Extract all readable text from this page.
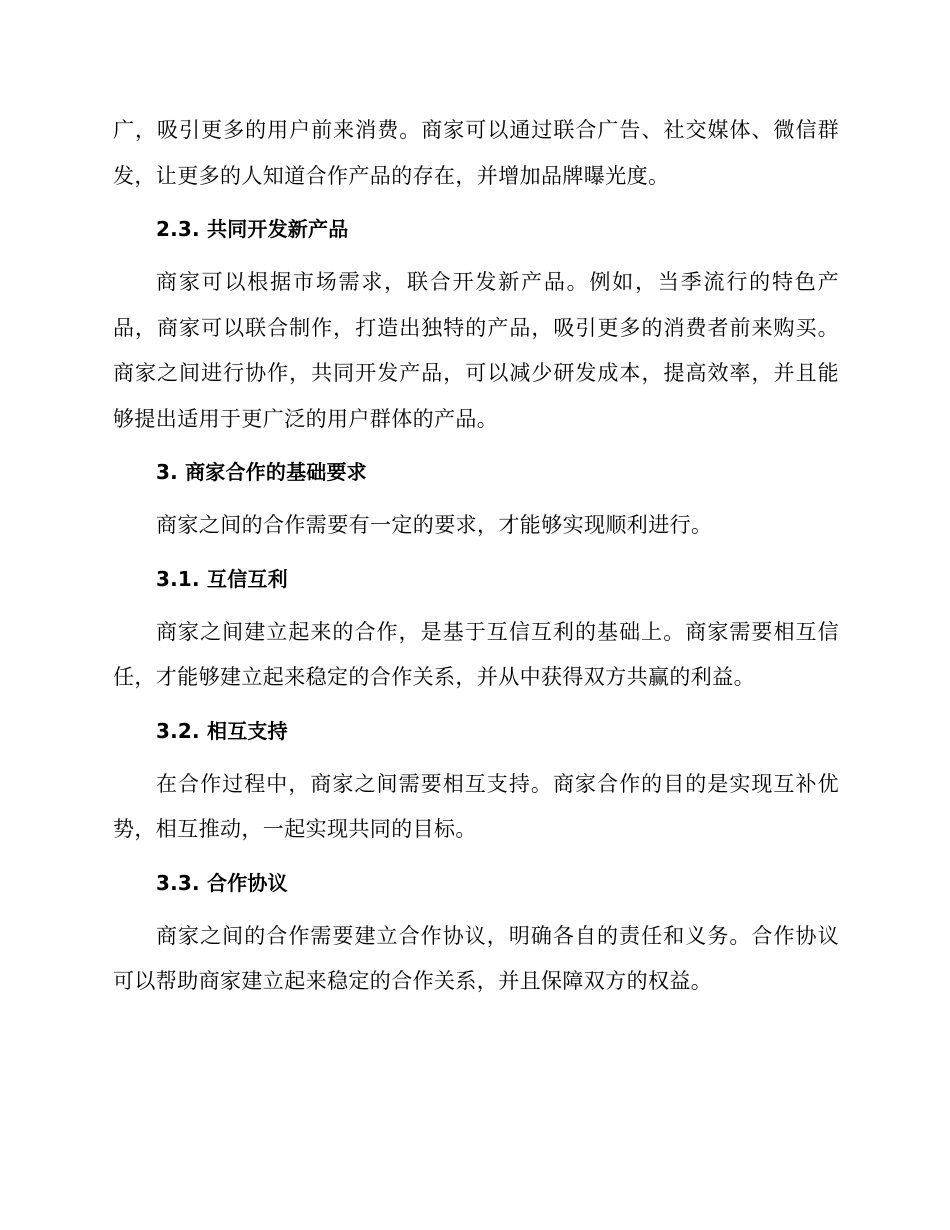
广，吸引更多的用户前来消费。商家可以通过联合广告、社交媒体、微信群发，让更多的人知道合作产品的存在，并增加品牌曝光度。

2.3. 共同开发新产品

商家可以根据市场需求，联合开发新产品。例如，当季流行的特色产品，商家可以联合制作，打造出独特的产品，吸引更多的消费者前来购买。商家之间进行协作，共同开发产品，可以减少研发成本，提高效率，并且能够提出适用于更广泛的用户群体的产品。

3. 商家合作的基础要求

商家之间的合作需要有一定的要求，才能够实现顺利进行。

3.1. 互信互利

商家之间建立起来的合作，是基于互信互利的基础上。商家需要相互信任，才能够建立起来稳定的合作关系，并从中获得双方共赢的利益。

3.2. 相互支持

在合作过程中，商家之间需要相互支持。商家合作的目的是实现互补优势，相互推动，一起实现共同的目标。

3.3. 合作协议

商家之间的合作需要建立合作协议，明确各自的责任和义务。合作协议可以帮助商家建立起来稳定的合作关系，并且保障双方的权益。
